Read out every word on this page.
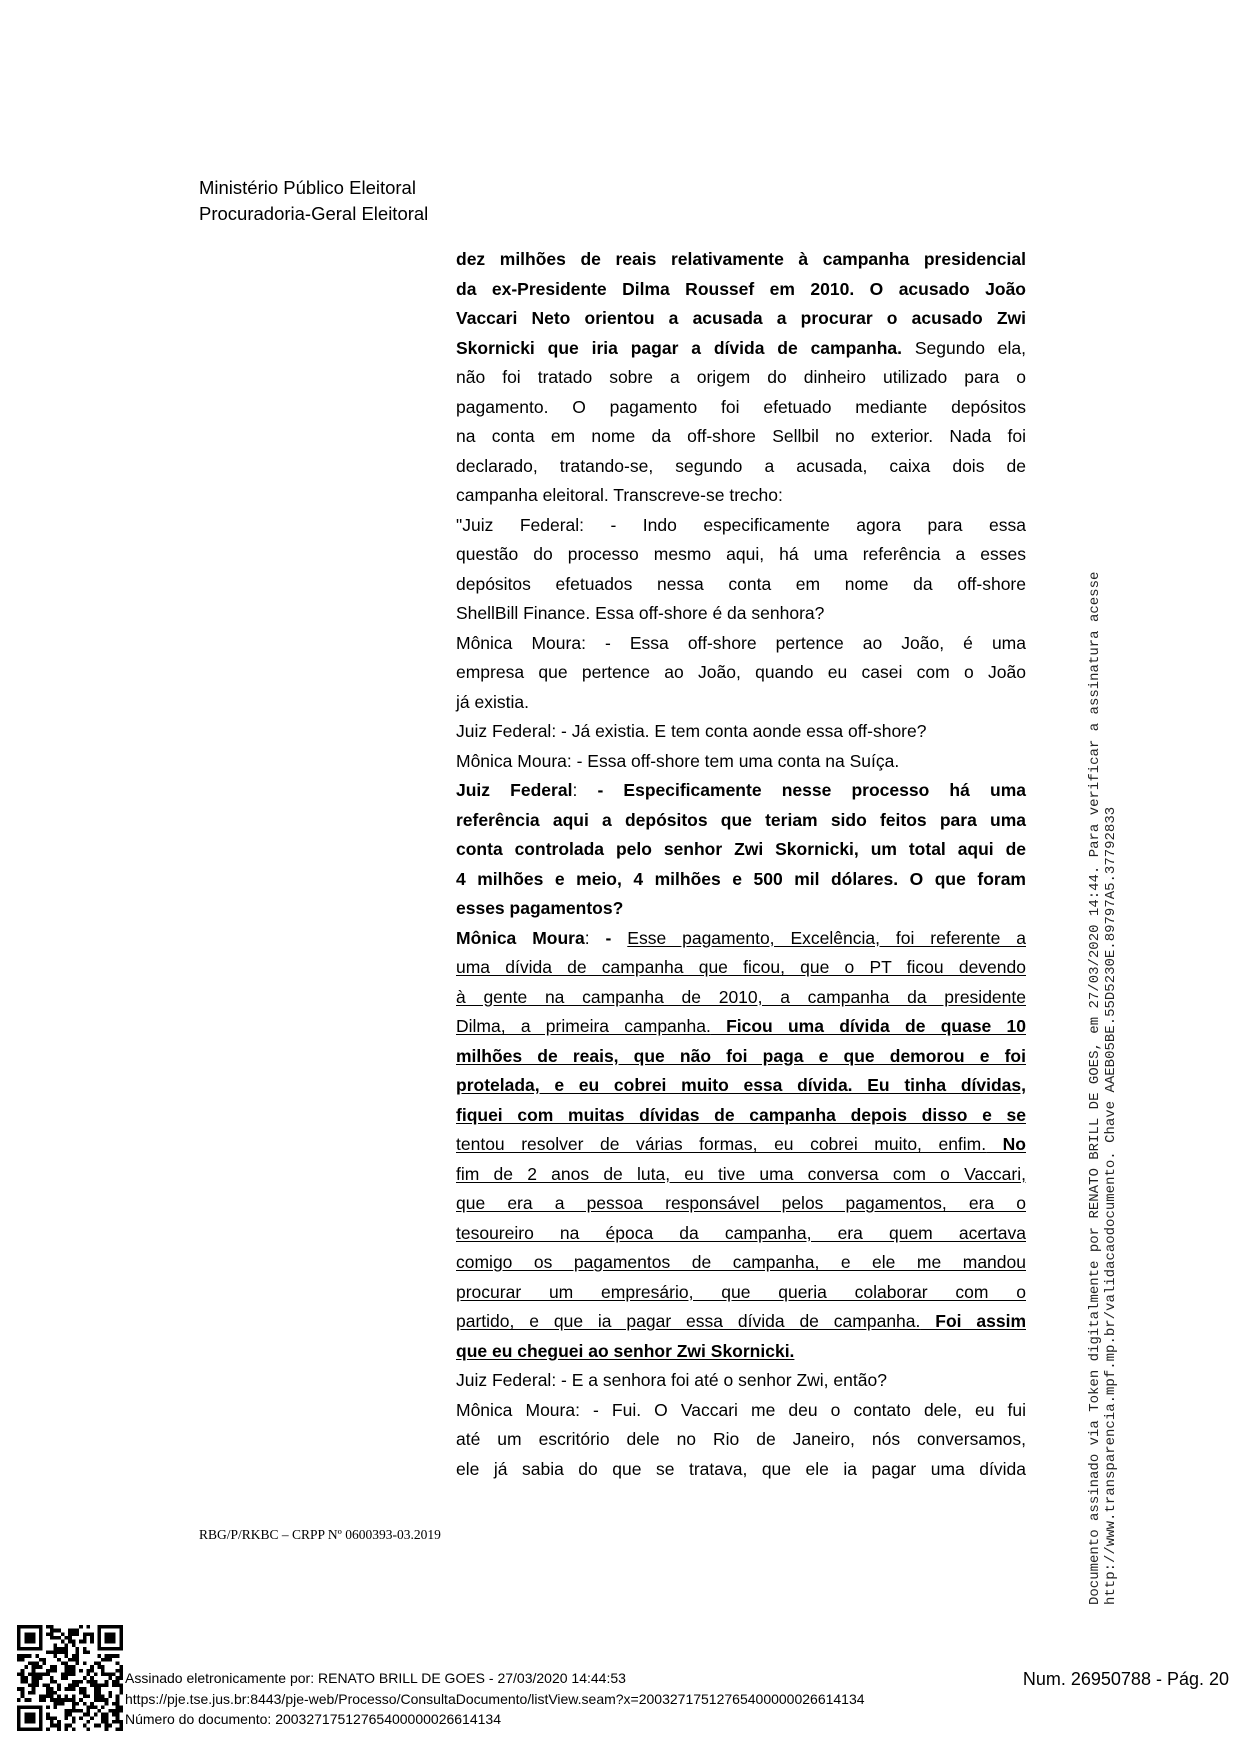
Ministério Público Eleitoral
Procuradoria-Geral Eleitoral
dez milhões de reais relativamente à campanha presidencial
da ex-Presidente Dilma Roussef em 2010. O acusado João
Vaccari Neto orientou a acusada a procurar o acusado Zwi
Skornicki que iria pagar a dívida de campanha. Segundo ela,
não foi tratado sobre a origem do dinheiro utilizado para o
pagamento. O pagamento foi efetuado mediante depósitos
na conta em nome da off-shore Sellbil no exterior. Nada foi
declarado, tratando-se, segundo a acusada, caixa dois de
campanha eleitoral. Transcreve-se trecho:
"Juiz Federal: - Indo especificamente agora para essa
questão do processo mesmo aqui, há uma referência a esses
depósitos efetuados nessa conta em nome da off-shore
ShellBill Finance. Essa off-shore é da senhora?
Mônica Moura: - Essa off-shore pertence ao João, é uma
empresa que pertence ao João, quando eu casei com o João
já existia.
Juiz Federal: - Já existia. E tem conta aonde essa off-shore?
Mônica Moura: - Essa off-shore tem uma conta na Suíça.
Juiz Federal: - Especificamente nesse processo há uma
referência aqui a depósitos que teriam sido feitos para uma
conta controlada pelo senhor Zwi Skornicki, um total aqui de
4 milhões e meio, 4 milhões e 500 mil dólares. O que foram
esses pagamentos?
Mônica Moura: - Esse pagamento, Excelência, foi referente a
uma dívida de campanha que ficou, que o PT ficou devendo
à gente na campanha de 2010, a campanha da presidente
Dilma, a primeira campanha. Ficou uma dívida de quase 10
milhões de reais, que não foi paga e que demorou e foi
protelada, e eu cobrei muito essa dívida. Eu tinha dívidas,
fiquei com muitas dívidas de campanha depois disso e se
tentou resolver de várias formas, eu cobrei muito, enfim. No
fim de 2 anos de luta, eu tive uma conversa com o Vaccari,
que era a pessoa responsável pelos pagamentos, era o
tesoureiro na época da campanha, era quem acertava
comigo os pagamentos de campanha, e ele me mandou
procurar um empresário, que queria colaborar com o
partido, e que ia pagar essa dívida de campanha. Foi assim
que eu cheguei ao senhor Zwi Skornicki.
Juiz Federal: - E a senhora foi até o senhor Zwi, então?
Mônica Moura: - Fui. O Vaccari me deu o contato dele, eu fui
até um escritório dele no Rio de Janeiro, nós conversamos,
ele já sabia do que se tratava, que ele ia pagar uma dívida
RBG/P/RKBC – CRPP Nº 0600393-03.2019	Documento assinado via Token digitalmente por RENATO BRILL DE GOES, em 27/03/2020 14:44. Para verificar a assinatura acesse http://www.transparencia.mpf.mp.br/validacaodocumento. Chave AAEB05BE.55D5230E.89797A5.37792833
Assinado eletronicamente por: RENATO BRILL DE GOES - 27/03/2020 14:44:53
https://pje.tse.jus.br:8443/pje-web/Processo/ConsultaDocumento/listView.seam?x=20032717512765400000026614134
Número do documento: 20032717512765400000026614134
Num. 26950788 - Pág. 20
